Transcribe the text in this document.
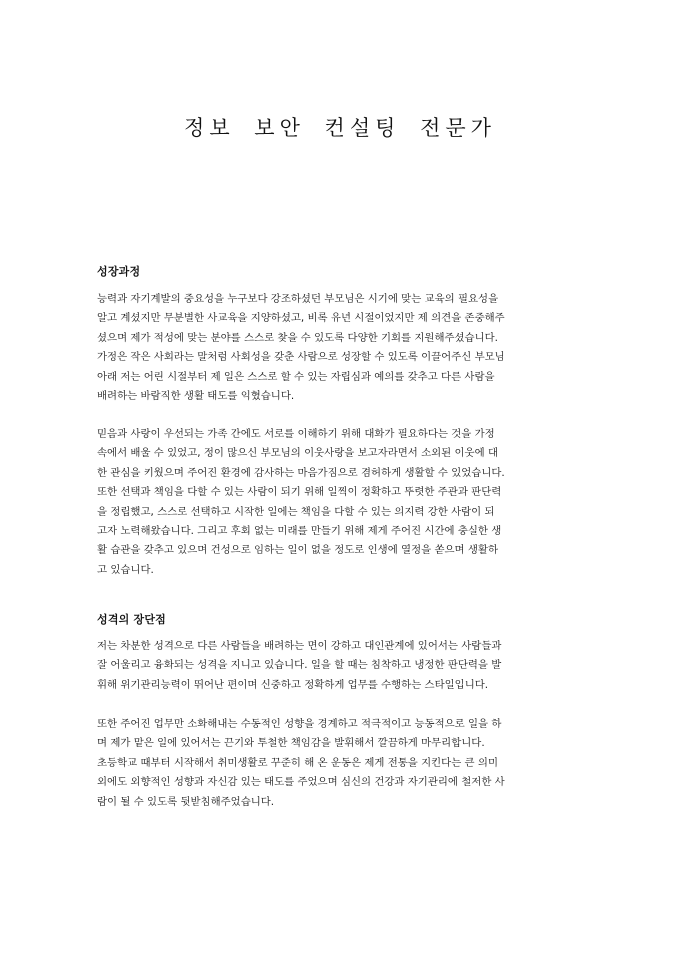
정보 보안 컨설팅 전문가
성장과정

능력과 자기계발의 중요성을 누구보다 강조하셨던 부모님은 시기에 맞는 교육의 필요성을
알고 계셨지만 무분별한 사교육을 지양하셨고, 비록 유년 시절이었지만 제 의견을 존중해주
셨으며 제가 적성에 맞는 분야를 스스로 찾을 수 있도록 다양한 기회를 지원해주셨습니다.
가정은 작은 사회라는 말처럼 사회성을 갖춘 사람으로 성장할 수 있도록 이끌어주신 부모님
아래 저는 어린 시절부터 제 일은 스스로 할 수 있는 자립심과 예의를 갖추고 다른 사람을
배려하는 바람직한 생활 태도를 익혔습니다.

믿음과 사랑이 우선되는 가족 간에도 서로를 이해하기 위해 대화가 필요하다는 것을 가정
속에서 배울 수 있었고, 정이 많으신 부모님의 이웃사랑을 보고자라면서 소외된 이웃에 대
한 관심을 키웠으며 주어진 환경에 감사하는 마음가짐으로 겸허하게 생활할 수 있었습니다.
또한 선택과 책임을 다할 수 있는 사람이 되기 위해 일찍이 정확하고 뚜렷한 주관과 판단력
을 정립했고, 스스로 선택하고 시작한 일에는 책임을 다할 수 있는 의지력 강한 사람이 되
고자 노력해왔습니다. 그리고 후회 없는 미래를 만들기 위해 제게 주어진 시간에 충실한 생
활 습관을 갖추고 있으며 건성으로 임하는 일이 없을 정도로 인생에 열정을 쏟으며 생활하
고 있습니다.

성격의 장단점

저는 차분한 성격으로 다른 사람들을 배려하는 면이 강하고 대인관계에 있어서는 사람들과
잘 어울리고 융화되는 성격을 지니고 있습니다. 일을 할 때는 침착하고 냉정한 판단력을 발
휘해 위기관리능력이 뛰어난 편이며 신중하고 정확하게 업무를 수행하는 스타일입니다.

또한 주어진 업무만 소화해내는 수동적인 성향을 경계하고 적극적이고 능동적으로 일을 하
며 제가 맡은 일에 있어서는 끈기와 투철한 책임감을 발휘해서 깔끔하게 마무리합니다.
초등학교 때부터 시작해서 취미생활로 꾸준히 해 온 운동은 제게 전통을 지킨다는 큰 의미
외에도 외향적인 성향과 자신감 있는 태도를 주었으며 심신의 건강과 자기관리에 철저한 사
람이 될 수 있도록 뒷받침해주었습니다.
